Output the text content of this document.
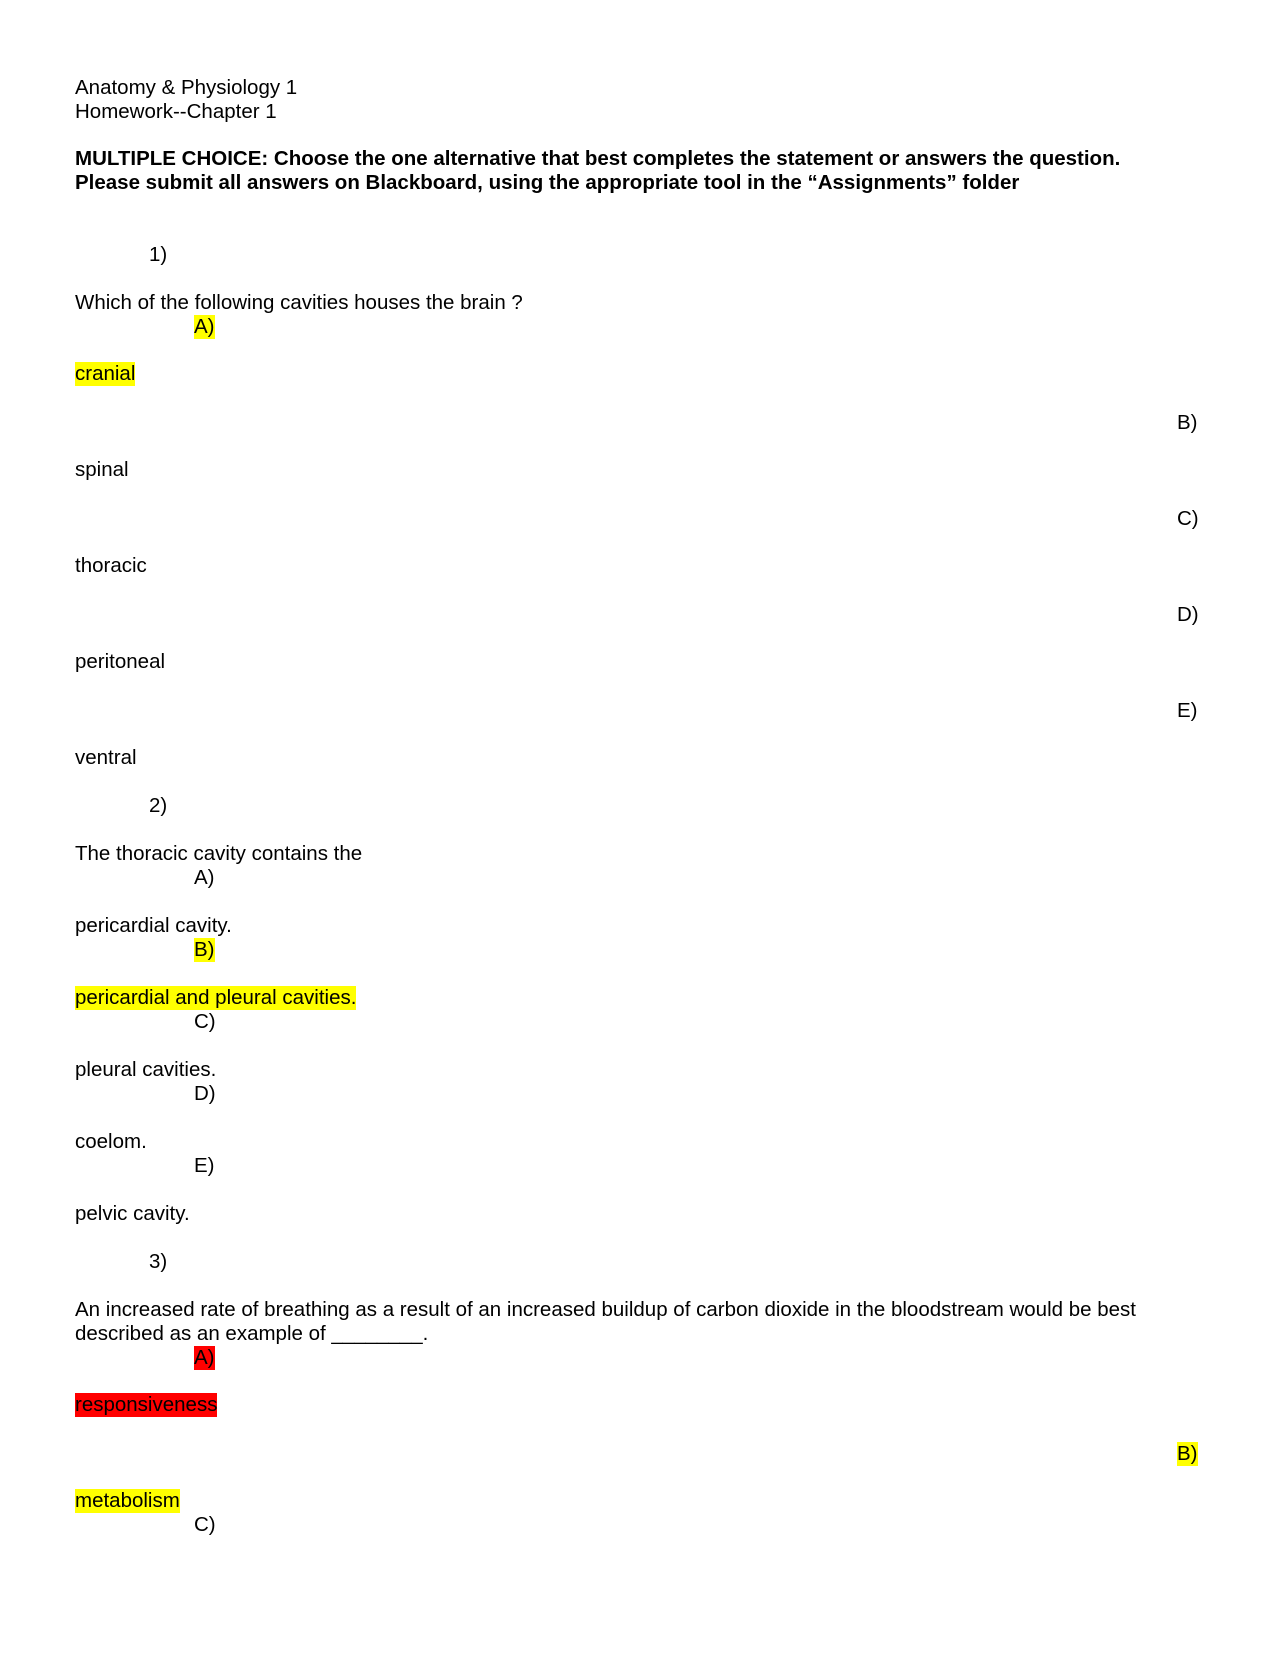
Anatomy & Physiology 1
Homework--Chapter 1
MULTIPLE CHOICE: Choose the one alternative that best completes the statement or answers the question.
Please submit all answers on Blackboard, using the appropriate tool in the “Assignments” folder
1)
Which of the following cavities houses the brain ?
A)
cranial
B)
spinal
C)
thoracic
D)
peritoneal
E)
ventral
2)
The thoracic cavity contains the
A)
pericardial cavity.
B)
pericardial and pleural cavities.
C)
pleural cavities.
D)
coelom.
E)
pelvic cavity.
3)
An increased rate of breathing as a result of an increased buildup of carbon dioxide in the bloodstream would be best
described as an example of ________.
A)
responsiveness
B)
metabolism
C)
